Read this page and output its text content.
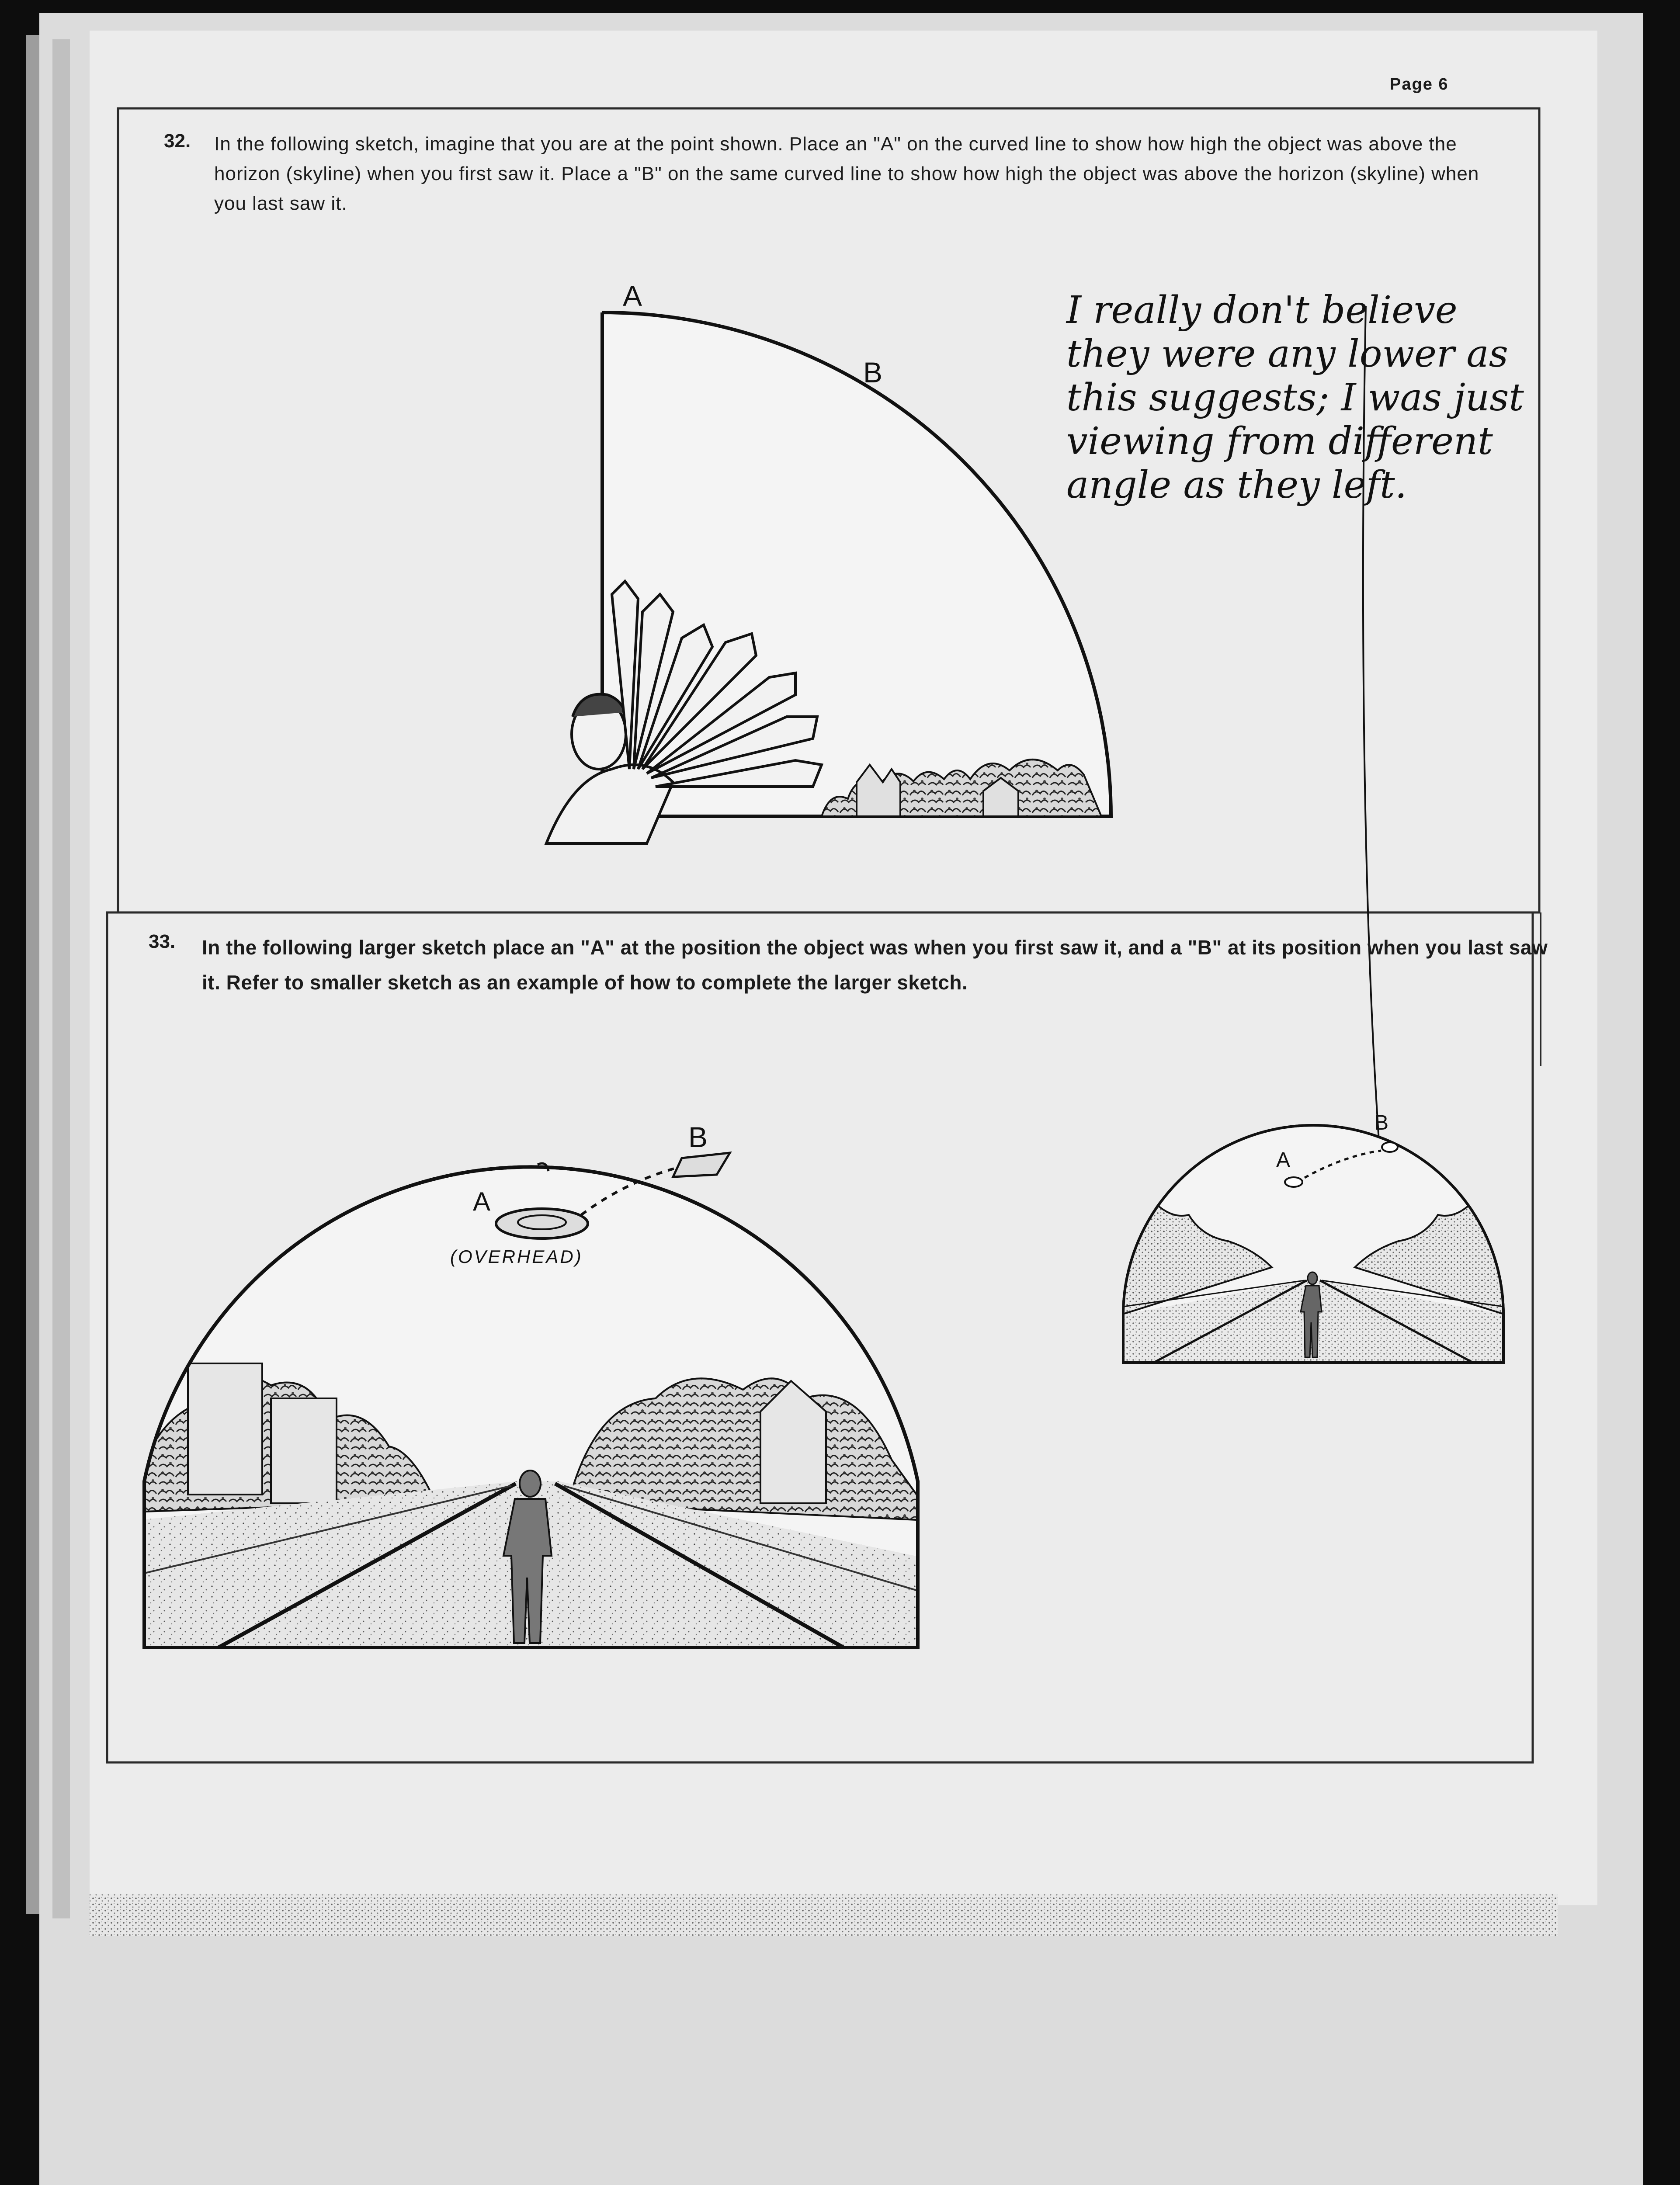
A
B
A
B
(OVERHEAD)
A
B
Page 6
32. In the following sketch, imagine that you are at the point shown. Place an "A" on the curved line to show how high the object was above the horizon (skyline) when you first saw it. Place a "B" on the same curved line to show how high the object was above the horizon (skyline) when you last saw it.

I really don't believe they were any lower as this suggests; I was just viewing from different angle as they left.
33. In the following larger sketch place an "A" at the position the object was when you first saw it, and a "B" at its position when you last saw it. Refer to smaller sketch as an example of how to complete the larger sketch.
